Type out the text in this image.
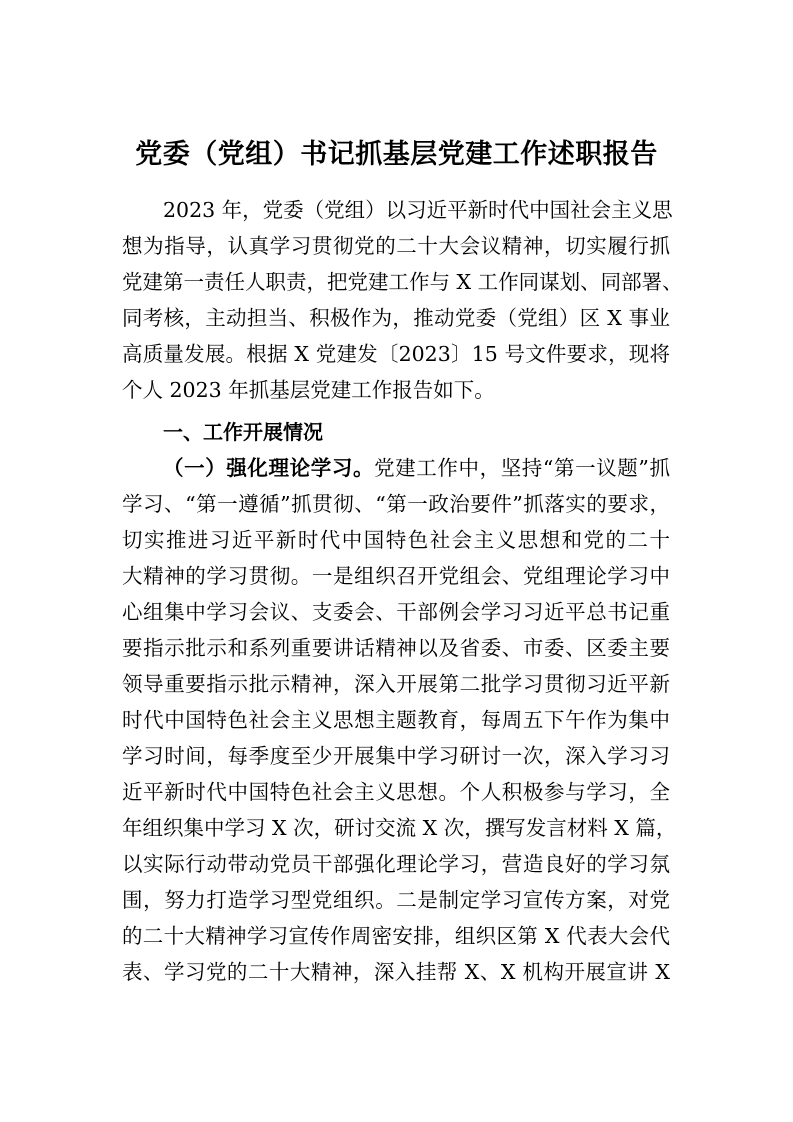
党委（党组）书记抓基层党建工作述职报告
2023 年，党委（党组）以习近平新时代中国社会主义思
想为指导，认真学习贯彻党的二十大会议精神，切实履行抓
党建第一责任人职责，把党建工作与 X 工作同谋划、同部署、
同考核，主动担当、积极作为，推动党委（党组）区 X 事业
高质量发展。根据 X 党建发〔2023〕15 号文件要求，现将
个人 2023 年抓基层党建工作报告如下。
一、工作开展情况
（一）强化理论学习。党建工作中，坚持“第一议题”抓
学习、“第一遵循”抓贯彻、“第一政治要件”抓落实的要求，
切实推进习近平新时代中国特色社会主义思想和党的二十
大精神的学习贯彻。一是组织召开党组会、党组理论学习中
心组集中学习会议、支委会、干部例会学习习近平总书记重
要指示批示和系列重要讲话精神以及省委、市委、区委主要
领导重要指示批示精神，深入开展第二批学习贯彻习近平新
时代中国特色社会主义思想主题教育，每周五下午作为集中
学习时间，每季度至少开展集中学习研讨一次，深入学习习
近平新时代中国特色社会主义思想。个人积极参与学习，全
年组织集中学习 X 次，研讨交流 X 次，撰写发言材料 X 篇，
以实际行动带动党员干部强化理论学习，营造良好的学习氛
围，努力打造学习型党组织。二是制定学习宣传方案，对党
的二十大精神学习宣传作周密安排，组织区第 X 代表大会代
表、学习党的二十大精神，深入挂帮 X、X 机构开展宣讲 X
